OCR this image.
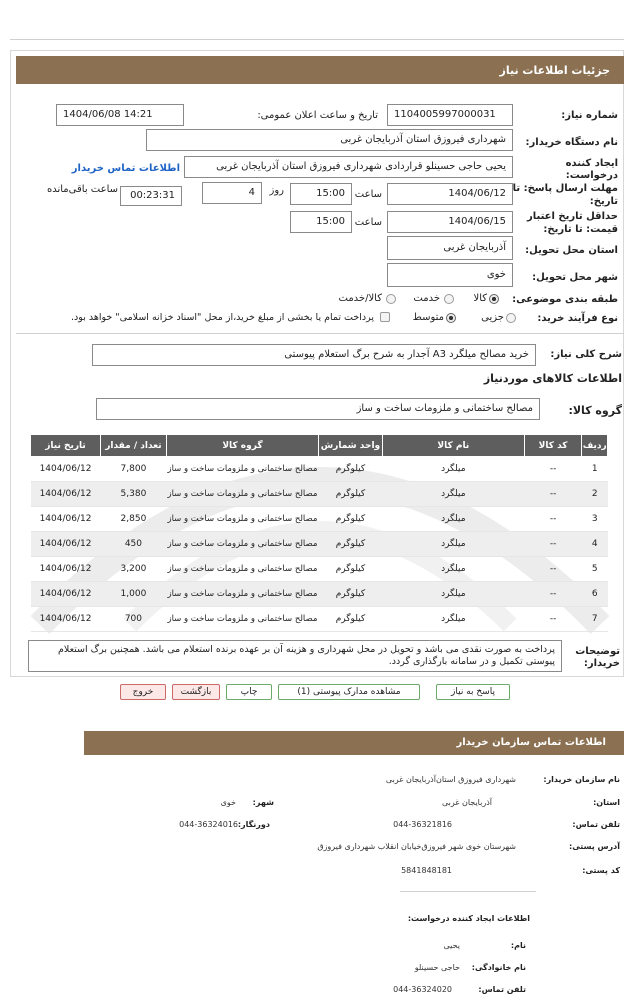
جزئیات اطلاعات نیاز
شماره نیاز:
1104005997000031
تاریخ و ساعت اعلان عمومی:
1404/06/08 14:21
نام دستگاه خریدار:
شهرداری فیروزق استان آذربایجان غربی
ایجاد کننده
درخواست:
یحیی حاجی حسینلو قراردادی شهرداری فیروزق استان آذربایجان غربی
اطلاعات تماس خریدار
مهلت ارسال پاسخ: تا
تاریخ:
1404/06/12
ساعت
15:00
روز
4
00:23:31
ساعت باقی‌مانده
حداقل تاریخ اعتبار
قیمت: تا تاریخ:
1404/06/15
ساعت
15:00
استان محل تحویل:
آذربایجان غربی
شهر محل تحویل:
خوی
طبقه بندی موضوعی:
کالا
خدمت
کالا/خدمت
نوع فرآیند خرید:
جزیی
متوسط
پرداخت تمام یا بخشی از مبلغ خرید،از محل "اسناد خزانه اسلامی" خواهد بود.
شرح کلی نیاز:
خرید مصالح میلگرد A3 آجدار به شرح برگ استعلام پیوستی
اطلاعات کالاهای موردنیاز
گروه کالا:
مصالح ساختمانی و ملزومات ساخت و ساز
ردیف	کد کالا	نام کالا	واحد شمارش	گروه کالا	تعداد / مقدار	تاریخ نیاز
1	--	میلگرد	کیلوگرم	مصالح ساختمانی و ملزومات ساخت و ساز	7,800	1404/06/12
2	--	میلگرد	کیلوگرم	مصالح ساختمانی و ملزومات ساخت و ساز	5,380	1404/06/12
3	--	میلگرد	کیلوگرم	مصالح ساختمانی و ملزومات ساخت و ساز	2,850	1404/06/12
4	--	میلگرد	کیلوگرم	مصالح ساختمانی و ملزومات ساخت و ساز	450	1404/06/12
5	--	میلگرد	کیلوگرم	مصالح ساختمانی و ملزومات ساخت و ساز	3,200	1404/06/12
6	--	میلگرد	کیلوگرم	مصالح ساختمانی و ملزومات ساخت و ساز	1,000	1404/06/12
7	--	میلگرد	کیلوگرم	مصالح ساختمانی و ملزومات ساخت و ساز	700	1404/06/12
توضیحات
خریدار:
پرداخت به صورت نقدی می باشد و تحویل در محل شهرداری و هزینه آن بر عهده برنده استعلام می باشد. همچنین برگ استعلام پیوستی تکمیل و در سامانه بارگذاری گردد.
پاسخ به نیاز
مشاهده مدارک پیوستی (1)
چاپ
بازگشت
خروج
اطلاعات تماس سازمان خریدار
نام سازمان خریدار:
شهرداری فیروزق استان‌آذربایجان غربی
استان:
آذربایجان غربی
شهر:
خوی
تلفن تماس:
044-36321816
دورنگار:
044-36324016
آدرس پستی:
شهرستان خوی شهر فیروزق‌خیابان انقلاب شهرداری فیروزق
کد پستی:
5841848181
اطلاعات ایجاد کننده درخواست:
نام:
یحیی
نام خانوادگی:
حاجی حسینلو
تلفن تماس:
044-36324020
